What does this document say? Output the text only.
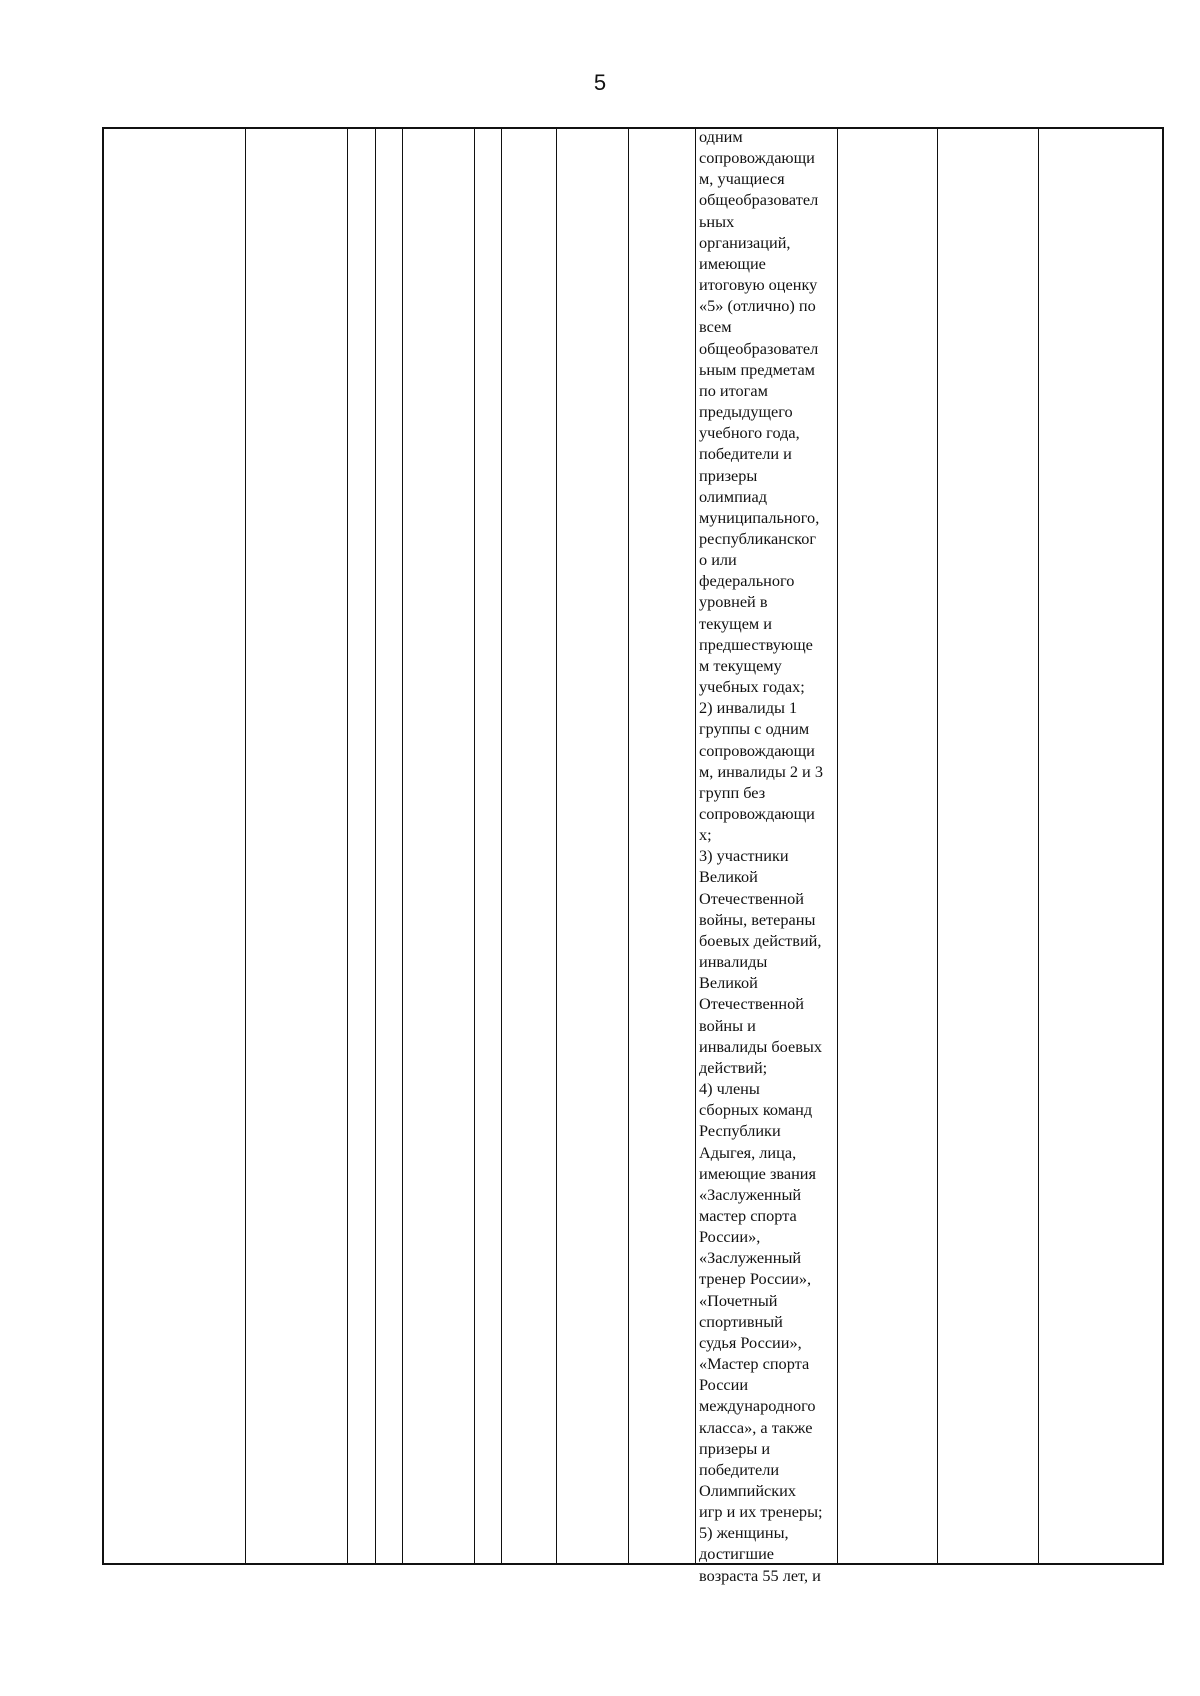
5
одним
сопровождающи
м, учащиеся
общеобразовател
ьных
организаций,
имеющие
итоговую оценку
«5» (отлично) по
всем
общеобразовател
ьным предметам
по итогам
предыдущего
учебного года,
победители и
призеры
олимпиад
муниципального,
республиканског
о или
федерального
уровней в
текущем и
предшествующе
м текущему
учебных годах;
2) инвалиды 1
группы с одним
сопровождающи
м, инвалиды 2 и 3
групп без
сопровождающи
х;
3) участники
Великой
Отечественной
войны, ветераны
боевых действий,
инвалиды
Великой
Отечественной
войны и
инвалиды боевых
действий;
4) члены
сборных команд
Республики
Адыгея, лица,
имеющие звания
«Заслуженный
мастер спорта
России»,
«Заслуженный
тренер России»,
«Почетный
спортивный
судья России»,
«Мастер спорта
России
международного
класса», а также
призеры и
победители
Олимпийских
игр и их тренеры;
5) женщины,
достигшие
возраста 55 лет, и
